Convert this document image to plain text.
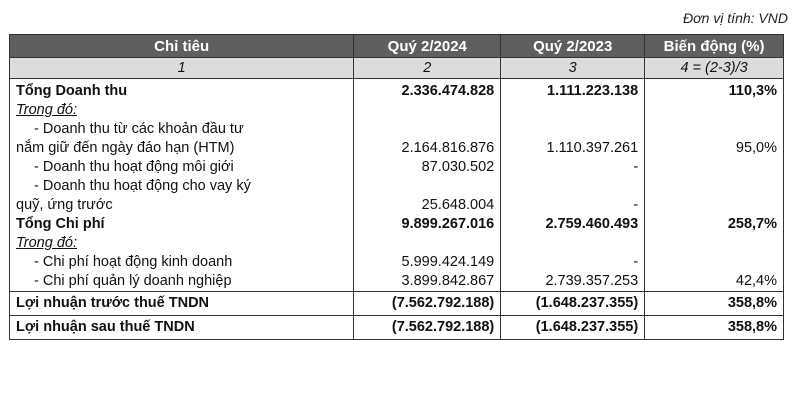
Đơn vị tính: VND
Chỉ tiêu	Quý 2/2024	Quý 2/2023	Biến động (%)
1	2	3	4 = (2-3)/3
Tổng Doanh thu	2.336.474.828	1.111.223.138	110,3%
Trong đó:			
- Doanh thu từ các khoản đầu tư			
nắm giữ đến ngày đáo hạn (HTM)	2.164.816.876	1.110.397.261	95,0%
- Doanh thu hoạt động môi giới	87.030.502	-	
- Doanh thu hoạt động cho vay ký			
quỹ, ứng trước	25.648.004	-	
Tổng Chi phí	9.899.267.016	2.759.460.493	258,7%
Trong đó:			
- Chi phí hoạt động kinh doanh	5.999.424.149	-	
- Chi phí quản lý doanh nghiệp	3.899.842.867	2.739.357.253	42,4%
Lợi nhuận trước thuế TNDN	(7.562.792.188)	(1.648.237.355)	358,8%
Lợi nhuận sau thuế TNDN	(7.562.792.188)	(1.648.237.355)	358,8%
